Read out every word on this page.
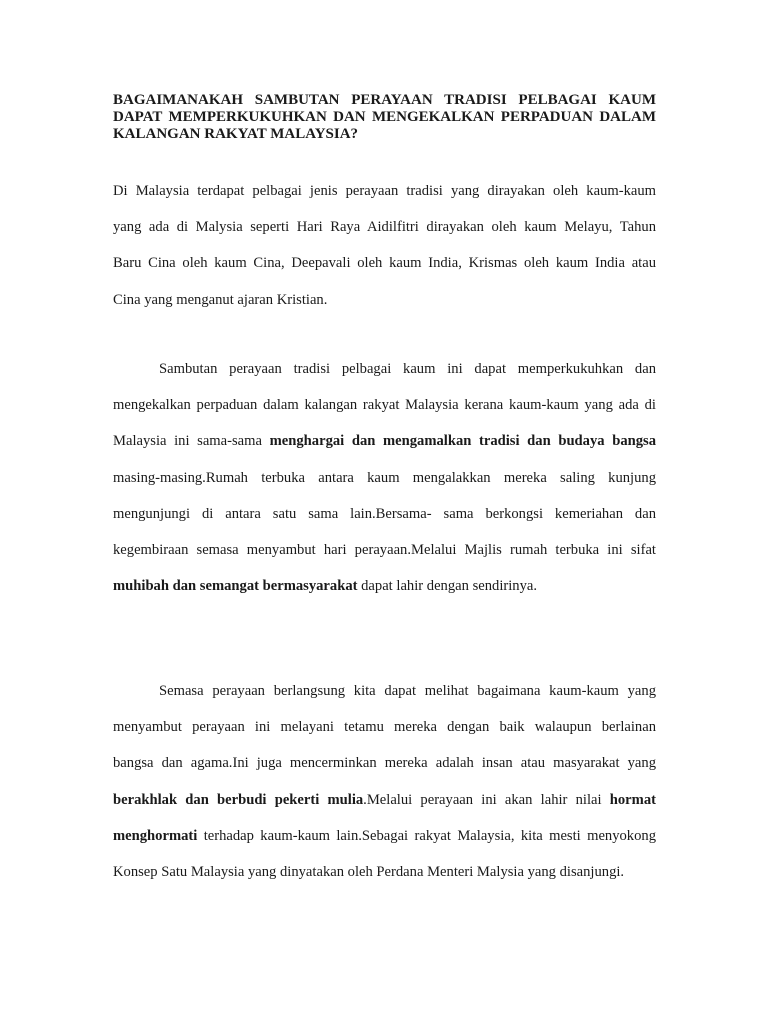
BAGAIMANAKAH SAMBUTAN PERAYAAN TRADISI PELBAGAI KAUM
DAPAT MEMPERKUKUHKAN DAN MENGEKALKAN PERPADUAN DALAM
KALANGAN RAKYAT MALAYSIA?
Di Malaysia terdapat pelbagai jenis perayaan tradisi yang dirayakan oleh kaum-kaum
yang ada di Malysia seperti Hari Raya Aidilfitri dirayakan oleh kaum Melayu, Tahun
Baru Cina oleh kaum Cina, Deepavali oleh kaum India, Krismas oleh kaum India atau
Cina yang menganut ajaran Kristian.
Sambutan perayaan tradisi pelbagai kaum ini dapat memperkukuhkan dan
mengekalkan perpaduan dalam kalangan rakyat Malaysia kerana kaum-kaum yang ada di
Malaysia ini sama-sama menghargai dan mengamalkan tradisi dan budaya bangsa
masing-masing.Rumah terbuka antara kaum mengalakkan mereka saling kunjung
mengunjungi di antara satu sama lain.Bersama- sama berkongsi kemeriahan dan
kegembiraan semasa menyambut hari perayaan.Melalui Majlis rumah terbuka ini sifat
muhibah dan semangat bermasyarakat dapat lahir dengan sendirinya.
Semasa perayaan berlangsung kita dapat melihat bagaimana kaum-kaum yang
menyambut perayaan ini melayani tetamu mereka dengan baik walaupun berlainan
bangsa dan agama.Ini juga mencerminkan mereka adalah insan atau masyarakat yang
berakhlak dan berbudi pekerti mulia.Melalui perayaan ini akan lahir nilai hormat
menghormati terhadap kaum-kaum lain.Sebagai rakyat Malaysia, kita mesti menyokong
Konsep Satu Malaysia yang dinyatakan oleh Perdana Menteri Malysia yang disanjungi.
